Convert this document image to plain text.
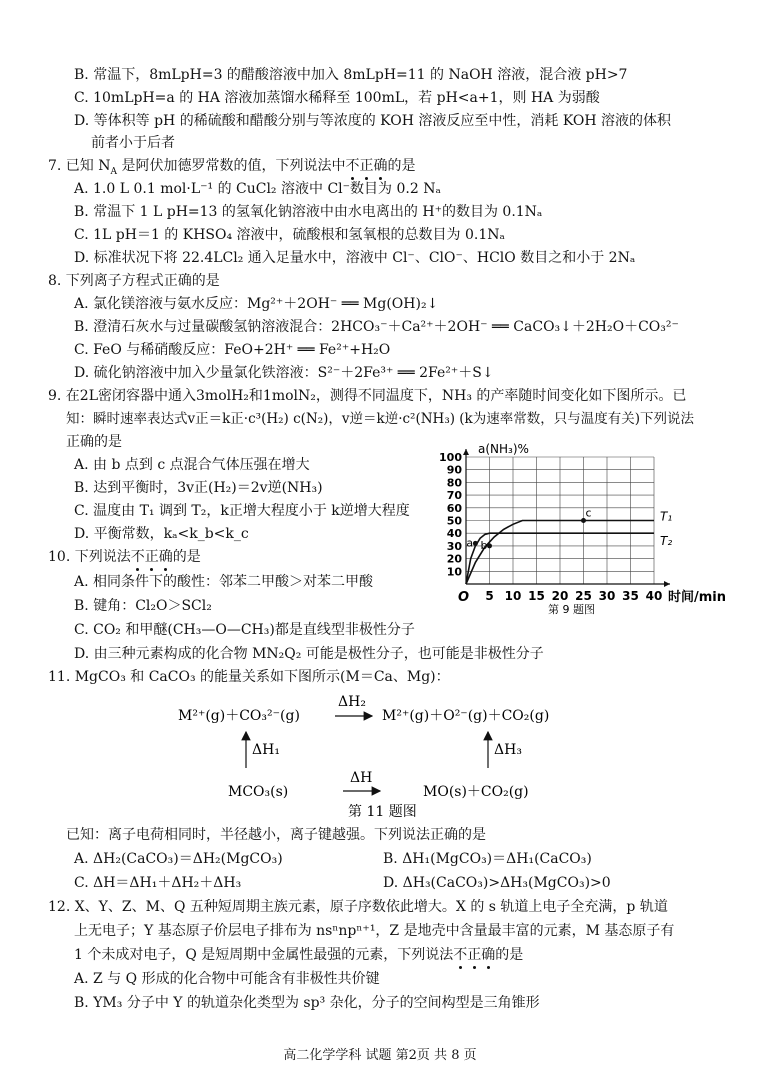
B. 常温下，8mLpH=3 的醋酸溶液中加入 8mLpH=11 的 NaOH 溶液，混合液 pH>7
C. 10mLpH=a 的 HA 溶液加蒸馏水稀释至 100mL，若 pH<a+1，则 HA 为弱酸
D. 等体积等 pH 的稀硫酸和醋酸分别与等浓度的 KOH 溶液反应至中性，消耗 KOH 溶液的体积
前者小于后者
7. 已知 $N_A$ 是阿伏加德罗常数的值，下列说法中不正确的是
A. 1.0 L 0.1 mol·L⁻¹ 的 CuCl₂ 溶液中 Cl⁻数目为 0.2 Nₐ
B. 常温下 1 L pH=13 的氢氧化钠溶液中由水电离出的 H⁺的数目为 0.1Nₐ
C. 1L pH＝1 的 KHSO₄ 溶液中，硫酸根和氢氧根的总数目为 0.1Nₐ
D. 标准状况下将 22.4LCl₂ 通入足量水中，溶液中 Cl⁻、ClO⁻、HClO 数目之和小于 2Nₐ
8. 下列离子方程式正确的是
A. 氯化镁溶液与氨水反应：Mg²⁺＋2OH⁻ ══ Mg(OH)₂↓
B. 澄清石灰水与过量碳酸氢钠溶液混合：2HCO₃⁻＋Ca²⁺＋2OH⁻ ══ CaCO₃↓＋2H₂O＋CO₃²⁻
C. FeO 与稀硝酸反应：FeO+2H⁺ ══ Fe²⁺+H₂O
D. 硫化钠溶液中加入少量氯化铁溶液：S²⁻＋2Fe³⁺ ══ 2Fe²⁺＋S↓
9. 在2L密闭容器中通入3molH₂和1molN₂，测得不同温度下，NH₃ 的产率随时间变化如下图所示。已
知：瞬时速率表达式v正＝k正·c³(H₂) c(N₂)，v逆＝k逆·c²(NH₃) (k为速率常数，只与温度有关)下列说法
正确的是
A. 由 b 点到 c 点混合气体压强在增大
B. 达到平衡时，3v正(H₂)＝2v逆(NH₃)
C. 温度由 T₁ 调到 T₂，k正增大程度小于 k逆增大程度
D. 平衡常数，kₐ<k_b<k_c
5 10 15 20 25 30 35 40
10
20
30
40
50
60
70
80
90
100
T₁
T₂
a b
c
a(NH₃)%
时间/min
O
第 9 题图
10. 下列说法不正确的是
A. 相同条件下的酸性：邻苯二甲酸＞对苯二甲酸
B. 键角：Cl₂O＞SCl₂
C. CO₂ 和甲醚(CH₃—O—CH₃)都是直线型非极性分子
D. 由三种元素构成的化合物 MN₂Q₂ 可能是极性分子，也可能是非极性分子
11. MgCO₃ 和 CaCO₃ 的能量关系如下图所示(M＝Ca、Mg)：
M²⁺(g)＋CO₃²⁻(g)
ΔH₂
M²⁺(g)＋O²⁻(g)＋CO₂(g)
ΔH₁	ΔH₃
MCO₃(s)
ΔH
MO(s)＋CO₂(g)
第 11 题图
已知：离子电荷相同时，半径越小，离子键越强。下列说法正确的是
A. ΔH₂(CaCO₃)＝ΔH₂(MgCO₃)	B. ΔH₁(MgCO₃)＝ΔH₁(CaCO₃)
C. ΔH＝ΔH₁＋ΔH₂＋ΔH₃	D. ΔH₃(CaCO₃)>ΔH₃(MgCO₃)>0
12. X、Y、Z、M、Q 五种短周期主族元素，原子序数依此增大。X 的 s 轨道上电子全充满，p 轨道
上无电子；Y 基态原子价层电子排布为 nsⁿnpⁿ⁺¹，Z 是地壳中含量最丰富的元素，M 基态原子有
1 个未成对电子，Q 是短周期中金属性最强的元素，下列说法不正确的是
A. Z 与 Q 形成的化合物中可能含有非极性共价键
B. YM₃ 分子中 Y 的轨道杂化类型为 sp³ 杂化，分子的空间构型是三角锥形
高二化学学科 试题 第2页 共 8 页
